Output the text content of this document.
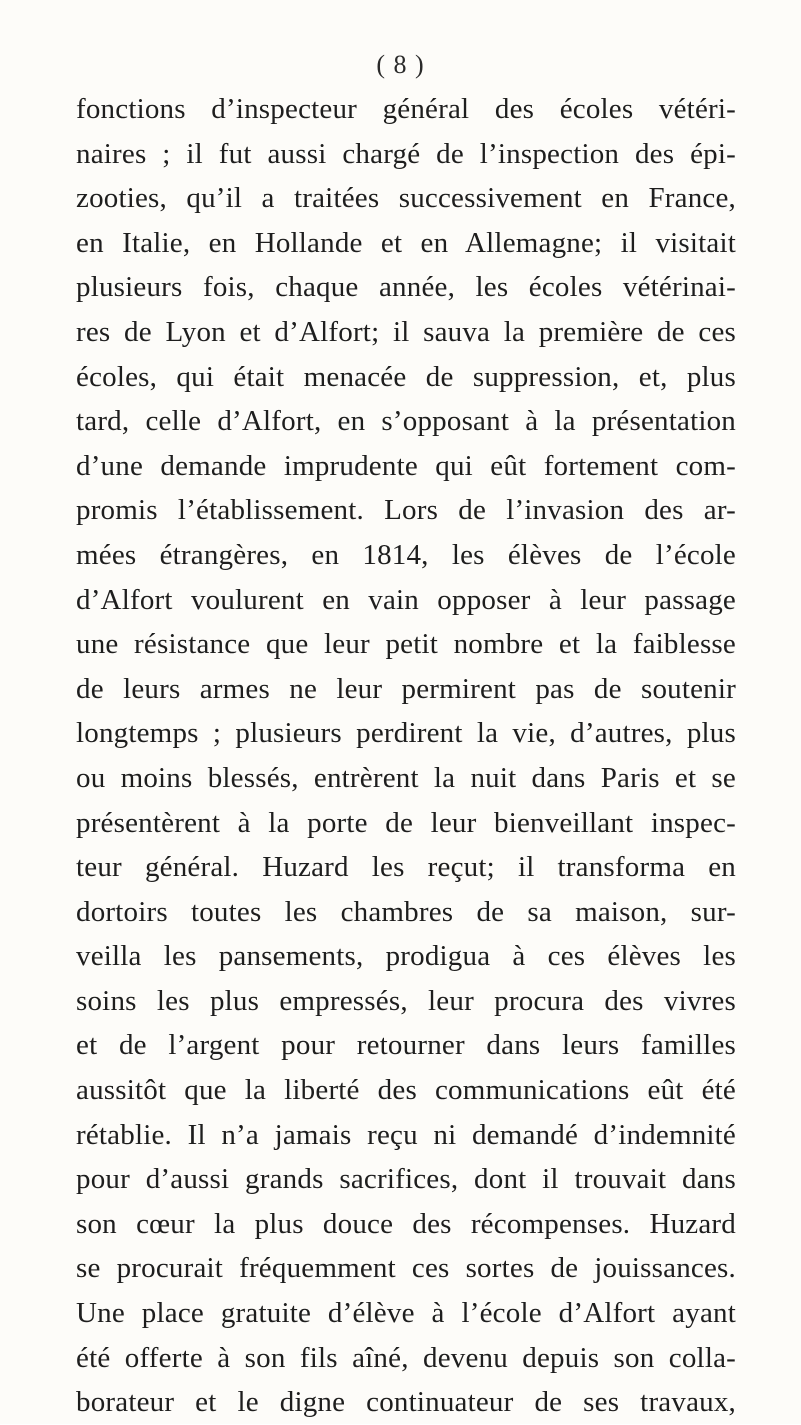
( 8 )
fonctions d’inspecteur général des écoles vétéri-
naires ; il fut aussi chargé de l’inspection des épi-
zooties, qu’il a traitées successivement en France,
en Italie, en Hollande et en Allemagne; il visitait
plusieurs fois, chaque année, les écoles vétérinai-
res de Lyon et d’Alfort; il sauva la première de ces
écoles, qui était menacée de suppression, et, plus
tard, celle d’Alfort, en s’opposant à la présentation
d’une demande imprudente qui eût fortement com-
promis l’établissement. Lors de l’invasion des ar-
mées étrangères, en 1814, les élèves de l’école
d’Alfort voulurent en vain opposer à leur passage
une résistance que leur petit nombre et la faiblesse
de leurs armes ne leur permirent pas de soutenir
longtemps ; plusieurs perdirent la vie, d’autres, plus
ou moins blessés, entrèrent la nuit dans Paris et se
présentèrent à la porte de leur bienveillant inspec-
teur général. Huzard les reçut; il transforma en
dortoirs toutes les chambres de sa maison, sur-
veilla les pansements, prodigua à ces élèves les
soins les plus empressés, leur procura des vivres
et de l’argent pour retourner dans leurs familles
aussitôt que la liberté des communications eût été
rétablie. Il n’a jamais reçu ni demandé d’indemnité
pour d’aussi grands sacrifices, dont il trouvait dans
son cœur la plus douce des récompenses. Huzard
se procurait fréquemment ces sortes de jouissances.
Une place gratuite d’élève à l’école d’Alfort ayant
été offerte à son fils aîné, devenu depuis son colla-
borateur et le digne continuateur de ses travaux,
